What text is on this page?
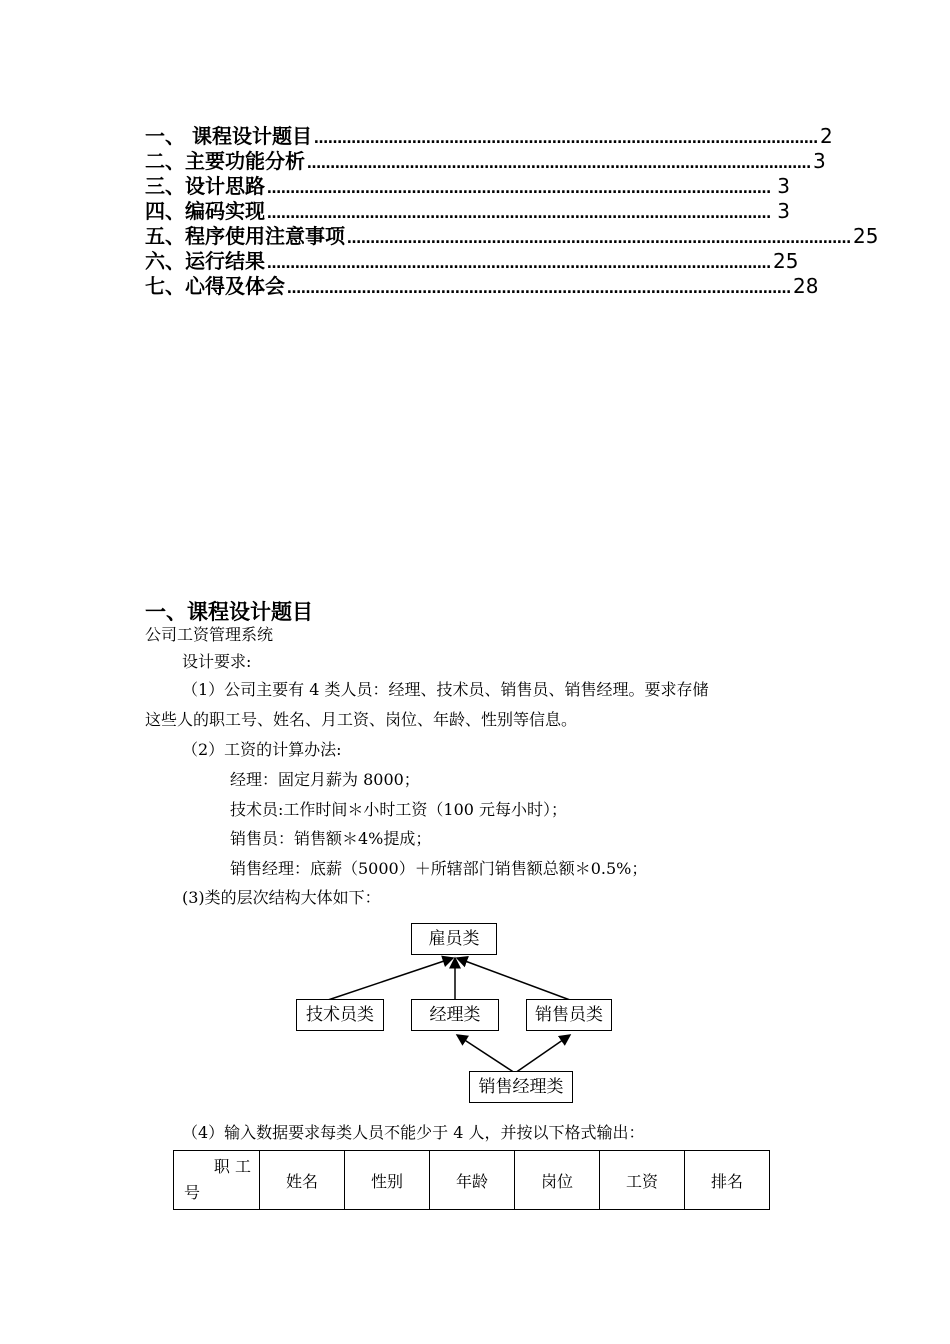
一、 课程设计题目 ……………………………………………………………………………………………… 2
二、主要功能分析 ……………………………………………………………………………………………… 3
三、设计思路 ……………………………………………………………………………………………… 3
四、编码实现 ……………………………………………………………………………………………… 3
五、程序使用注意事项 ……………………………………………………………………………………………… 25
六、运行结果 ……………………………………………………………………………………………… 25
七、心得及体会 ……………………………………………………………………………………………… 28
一、课程设计题目
公司工资管理系统
设计要求:
（1）公司主要有 4 类人员：经理、技术员、销售员、销售经理。要求存储
这些人的职工号、姓名、月工资、岗位、年龄、性别等信息。
（2）工资的计算办法:
经理：固定月薪为 8000；
技术员:工作时间＊小时工资（100 元每小时）；
销售员：销售额＊4%提成；
销售经理：底薪（5000）＋所辖部门销售额总额＊0.5%；
(3)类的层次结构大体如下：
雇员类
技术员类	经理类	销售员类
销售经理类
（4）输入数据要求每类人员不能少于 4 人，并按以下格式输出：
职 工
号
	姓名	性别	年龄	岗位	工资	排名
